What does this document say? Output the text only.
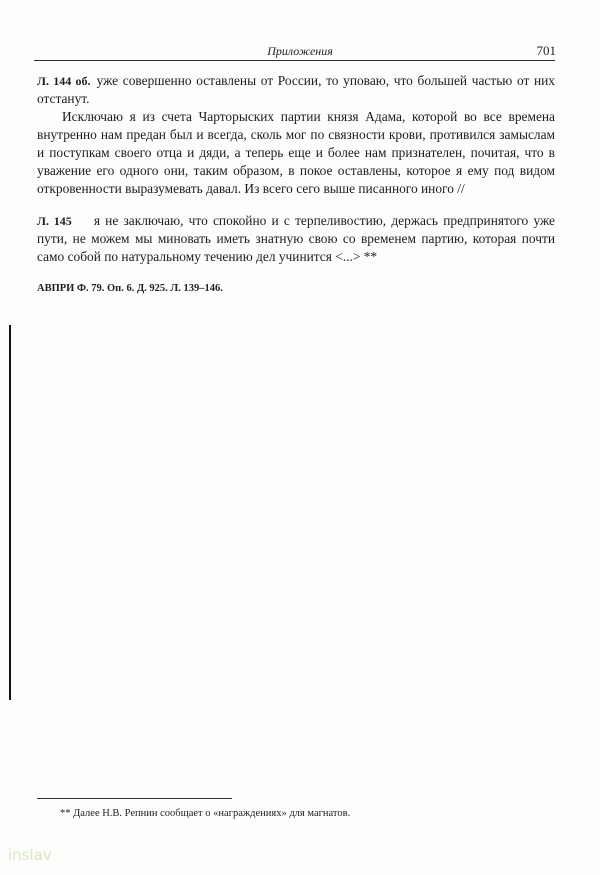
Приложения	701

Л. 144 об. уже совершенно оставлены от России, то уповаю, что большей частью от них отстанут.

Исключаю я из счета Чарторыских партии князя Адама, которой во все времена внутренно нам предан был и всегда, сколь мог по связности крови, противился замыслам и поступкам своего отца и дяди, а теперь еще и более нам признателен, почитая, что в уважение его одного они, таким образом, в покое оставлены, которое я ему под видом откровенности выразумевать давал. Из всего сего выше писанного иного //

Л. 145 я не заключаю, что спокойно и с терпеливостию, держась предпринятого уже пути, не можем мы миновать иметь знатную свою со временем партию, которая почти само собой по натуральному течению дел учинится <...> **

АВПРИ Ф. 79. Оп. 6. Д. 925. Л. 139–146.
** Далее Н.В. Репнин сообщает о «награждениях» для магнатов.
inslav
